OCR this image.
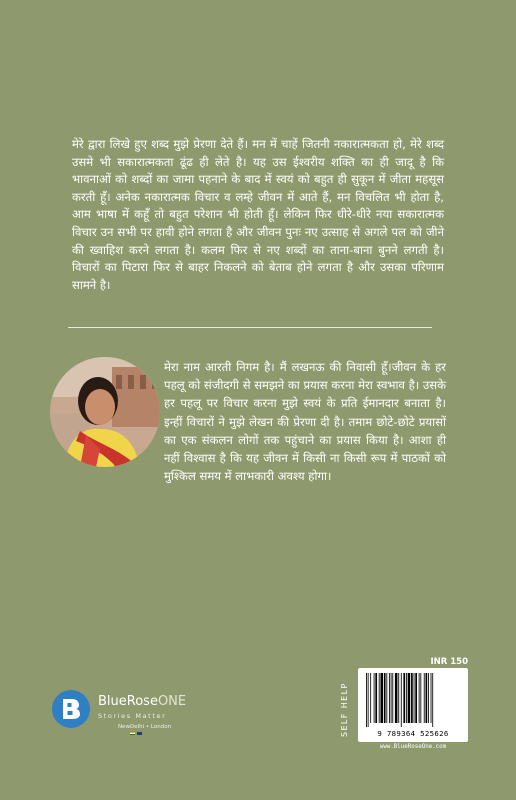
मेरे द्वारा लिखे हुए शब्द मुझे प्रेरणा देते हैं। मन में चाहें जितनी नकारात्मकता हो, मेरे शब्द उसमे भी सकारात्मकता ढूंढ ही लेते है। यह उस ईश्वरीय शक्ति का ही जादू है कि भावनाओं को शब्दों का जामा पहनाने के बाद में स्वयं को बहुत ही सुकून में जीता महसूस करती हूँ। अनेक नकारात्मक विचार व लम्हे जीवन में आते हैं, मन विचलित भी होता है, आम भाषा में कहूँ तो बहुत परेशान भी होती हूँ। लेकिन फिर धीरे-धीरे नया सकारात्मक विचार उन सभी पर हावी होने लगता है और जीवन पुनः नए उत्साह से अगले पल को जीने की ख्वाहिश करने लगता है। कलम फिर से नए शब्दों का ताना-बाना बुनने लगती है। विचारों का पिटारा फिर से बाहर निकलने को बेताब होने लगता है और उसका परिणाम सामने है।

मेरा नाम आरती निगम है। मैं लखनऊ की निवासी हूँ।जीवन के हर पहलू को संजीदगी से समझने का प्रयास करना मेरा स्वभाव है। उसके हर पहलू पर विचार करना मुझे स्वयं के प्रति ईमानदार बनाता है। इन्हीं विचारों ने मुझे लेखन की प्रेरणा दी है। तमाम छोटे-छोटे प्रयासों का एक संकलन लोगों तक पहुंचाने का प्रयास किया है। आशा ही नहीं विश्वास है कि यह जीवन में किसी ना किसी रूप में पाठकों को मुश्किल समय में लाभकारी अवश्य होगा।

BlueRoseONE
Stories Matter
NewDelhi • London	SELF HELP
INR 150
9 789364 525626
www.BlueRoseOne.com
